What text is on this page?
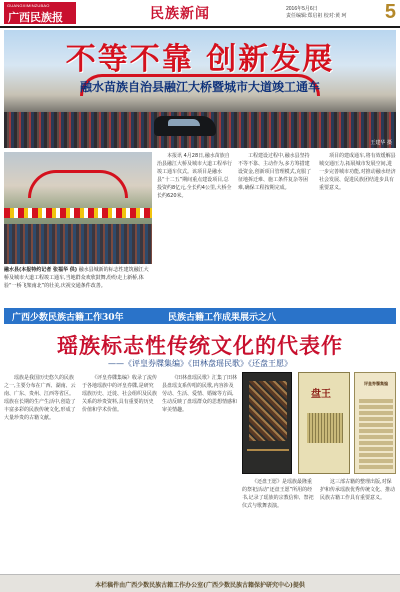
GUANGXIMINZUBAO
广西民族报	民族新闻	2016年5月6日
责任编辑:郑启祖 校对:黄 珂	5
不等不靠 创新发展
融水苗族自治县融江大桥暨城市大道竣工通车
王建华 摄
融水县(本报特约记者 张福华 供) 融水县城新的标志性建筑融江大桥及城市大道工程竣工通车,当地群众欢欣鼓舞,纷纷走上新桥,体验“一桥飞架南北”的壮美,庆祝交通条件改善。
本报讯 4月28日,融水苗族自治县融江大桥及城市大道工程举行竣工通车仪式。该项目是融水县“十二五”期间重点建设项目,总投资约8亿元,全长约4公里,大桥全长约620米。
工程建设过程中,融水县坚持不等不靠、主动作为,多方筹措建设资金,创新项目管理模式,克服了征地拆迁难、施工条件复杂等困难,确保工程按期完成。
项目的建成通车,将有效缓解县城交通压力,拓展城市发展空间,进一步完善城市功能,对推动融水经济社会发展、促进民族团结进步具有重要意义。
广西少数民族古籍工作30年	民族古籍工作成果展示之八
瑶族标志性传统文化的代表作
——《评皇券牒集编》《田林盘瑶民歌》《还盘王愿》
瑶族是我国历史悠久的民族之一,主要分布在广西、湖南、云南、广东、贵州、江西等省区。瑶族在长期的生产生活中,创造了丰富多彩的民族传统文化,形成了大量珍贵的古籍文献。
《评皇券牒集编》收录了流传于各地瑶族中的评皇券牒,是研究瑶族历史、迁徙、社会组织及民族关系的珍贵资料,具有重要的历史价值和学术价值。
《田林盘瑶民歌》汇集了田林县盘瑶支系传唱的民歌,内容涉及劳动、生活、爱情、婚嫁等方面,生动反映了盘瑶群众的思想情感和审美情趣。
《还盘王愿》是瑶族最隆重的祭祀活动“还盘王愿”所用的经书,记录了瑶族的宗教信仰、祭祀仪式与歌舞表演。
这三部古籍的整理出版,对保护和传承瑶族优秀传统文化、推动民族古籍工作具有重要意义。
盘王
评皇券牒集编
本栏稿件由广西少数民族古籍工作办公室(广西少数民族古籍保护研究中心)提供
